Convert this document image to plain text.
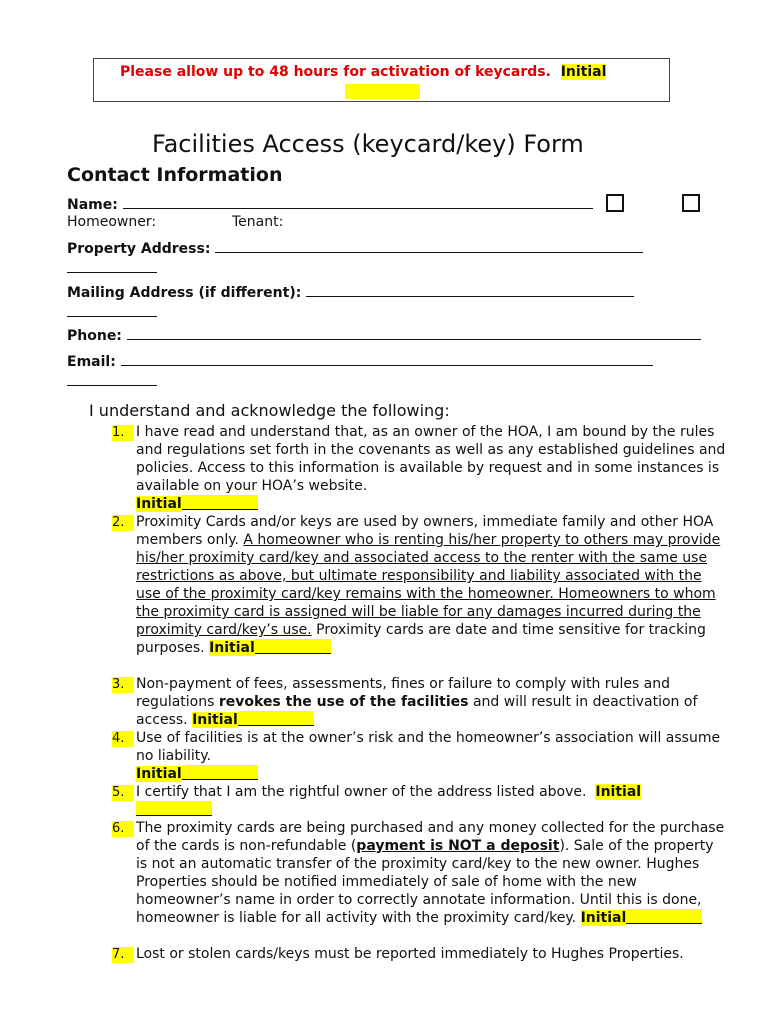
Please allow up to 48 hours for activation of keycards. Initial
Facilities Access (keycard/key) Form
Contact Information
Name:
Homeowner:	Tenant:
Property Address:
Mailing Address (if different):
Phone:
Email:
I understand and acknowledge the following:
1. I have read and understand that, as an owner of the HOA, I am bound by the rules and regulations set forth in the covenants as well as any established guidelines and policies. Access to this information is available by request and in some instances is available on your HOA’s website.
Initial
2. Proximity Cards and/or keys are used by owners, immediate family and other HOA members only. A homeowner who is renting his/her property to others may provide his/her proximity card/key and associated access to the renter with the same use restrictions as above, but ultimate responsibility and liability associated with the use of the proximity card/key remains with the homeowner. Homeowners to whom the proximity card is assigned will be liable for any damages incurred during the proximity card/key’s use. Proximity cards are date and time sensitive for tracking purposes. Initial
3. Non-payment of fees, assessments, fines or failure to comply with rules and regulations revokes the use of the facilities and will result in deactivation of access. Initial
4. Use of facilities is at the owner’s risk and the homeowner’s association will assume no liability.
Initial
5. I certify that I am the rightful owner of the address listed above. Initial

6. The proximity cards are being purchased and any money collected for the purchase of the cards is non-refundable (payment is NOT a deposit). Sale of the property is not an automatic transfer of the proximity card/key to the new owner. Hughes Properties should be notified immediately of sale of home with the new homeowner’s name in order to correctly annotate information. Until this is done, homeowner is liable for all activity with the proximity card/key. Initial
7. Lost or stolen cards/keys must be reported immediately to Hughes Properties.
